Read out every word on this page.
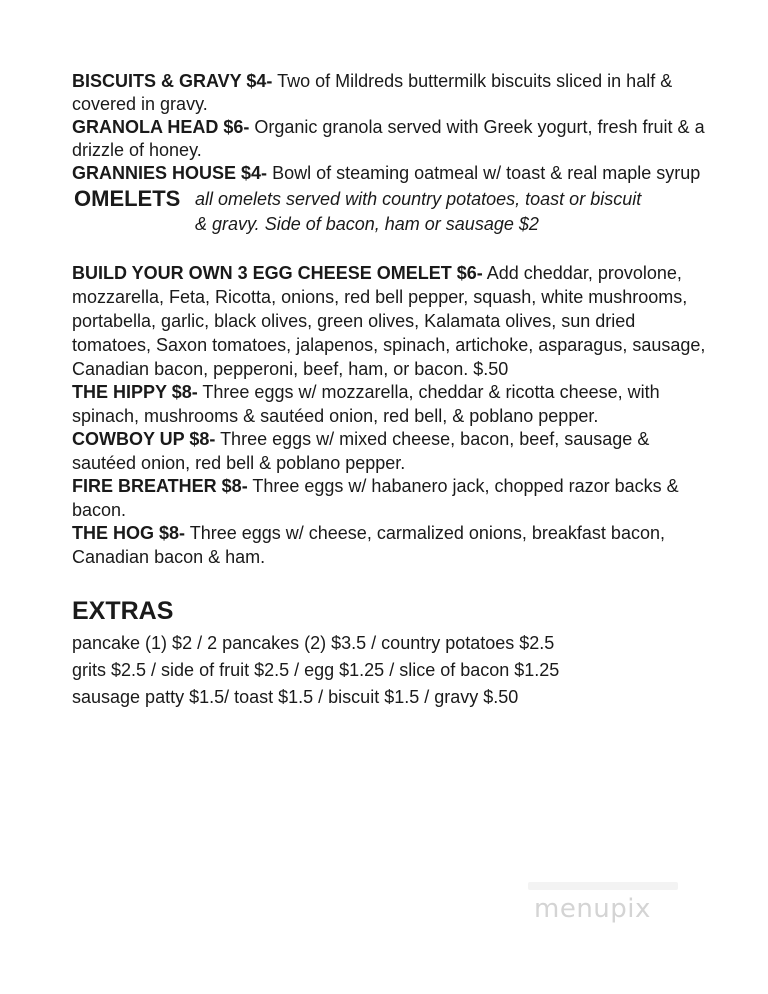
BISCUITS & GRAVY $4- Two of Mildreds buttermilk biscuits sliced in half & covered in gravy.

GRANOLA HEAD $6- Organic granola served with Greek yogurt, fresh fruit & a drizzle of honey.

GRANNIES HOUSE $4- Bowl of steaming oatmeal w/ toast & real maple syrup

OMELETS all omelets served with country potatoes, toast or biscuit
& gravy. Side of bacon, ham or sausage $2

BUILD YOUR OWN 3 EGG CHEESE OMELET $6- Add cheddar, provolone, mozzarella, Feta, Ricotta, onions, red bell pepper, squash, white mushrooms, portabella, garlic, black olives, green olives, Kalamata olives, sun dried tomatoes, Saxon tomatoes, jalapenos, spinach, artichoke, asparagus, sausage, Canadian bacon, pepperoni, beef, ham, or bacon. $.50

THE HIPPY $8- Three eggs w/ mozzarella, cheddar & ricotta cheese, with spinach, mushrooms & sautéed onion, red bell, & poblano pepper.

COWBOY UP $8- Three eggs w/ mixed cheese, bacon, beef, sausage & sautéed onion, red bell & poblano pepper.

FIRE BREATHER $8- Three eggs w/ habanero jack, chopped razor backs & bacon.

THE HOG $8- Three eggs w/ cheese, carmalized onions, breakfast bacon, Canadian bacon & ham.

EXTRAS
pancake (1) $2 / 2 pancakes (2) $3.5 / country potatoes $2.5
grits $2.5 / side of fruit $2.5 / egg $1.25 / slice of bacon $1.25
sausage patty $1.5/ toast $1.5 / biscuit $1.5 / gravy $.50
menupix
